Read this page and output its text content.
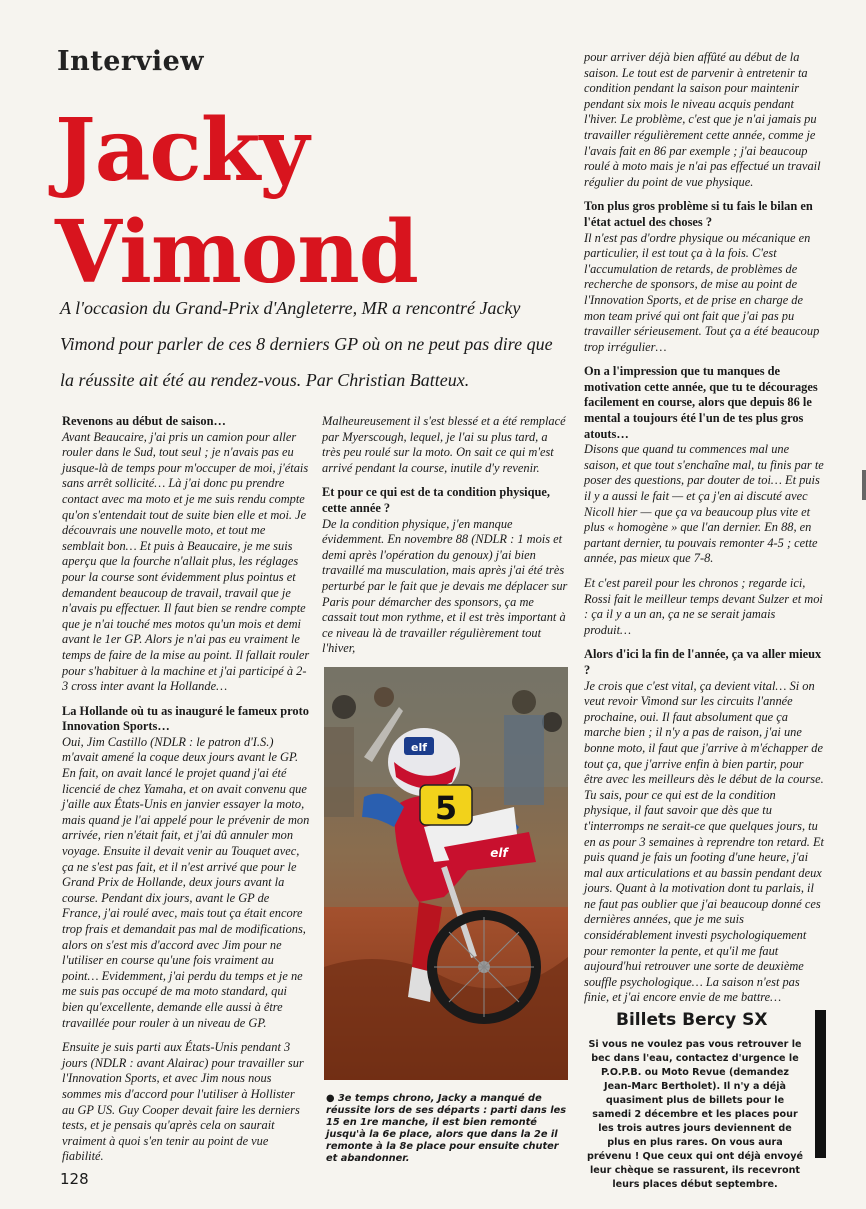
Interview
Jacky
Vimond

A l'occasion du Grand-Prix d'Angleterre, MR a rencontré Jacky Vimond pour parler de ces 8 derniers GP où on ne peut pas dire que la réussite ait été au rendez-vous. Par Christian Batteux.

Revenons au début de saison…
Avant Beaucaire, j'ai pris un camion pour aller rouler dans le Sud, tout seul ; je n'avais pas eu jusque-là de temps pour m'occuper de moi, j'étais sans arrêt sollicité… Là j'ai donc pu prendre contact avec ma moto et je me suis rendu compte qu'on s'entendait tout de suite bien elle et moi. Je découvrais une nouvelle moto, et tout me semblait bon… Et puis à Beaucaire, je me suis aperçu que la fourche n'allait plus, les réglages pour la course sont évidemment plus pointus et demandent beaucoup de travail, travail que je n'avais pu effectuer. Il faut bien se rendre compte que je n'ai touché mes motos qu'un mois et demi avant le 1er GP. Alors je n'ai pas eu vraiment le temps de faire de la mise au point. Il fallait rouler pour s'habituer à la machine et j'ai participé à 2-3 cross inter avant la Hollande…

La Hollande où tu as inauguré le fameux proto Innovation Sports…
Oui, Jim Castillo (NDLR : le patron d'I.S.) m'avait amené la coque deux jours avant le GP. En fait, on avait lancé le projet quand j'ai été licencié de chez Yamaha, et on avait convenu que j'aille aux États-Unis en janvier essayer la moto, mais quand je l'ai appelé pour le prévenir de mon arrivée, rien n'était fait, et j'ai dû annuler mon voyage. Ensuite il devait venir au Touquet avec, ça ne s'est pas fait, et il n'est arrivé que pour le Grand Prix de Hollande, deux jours avant la course. Pendant dix jours, avant le GP de France, j'ai roulé avec, mais tout ça était encore trop frais et demandait pas mal de modifications, alors on s'est mis d'accord avec Jim pour ne l'utiliser en course qu'une fois vraiment au point… Evidemment, j'ai perdu du temps et je ne me suis pas occupé de ma moto standard, qui bien qu'excellente, demande elle aussi à être travaillée pour rouler à un niveau de GP.

Ensuite je suis parti aux États-Unis pendant 3 jours (NDLR : avant Alairac) pour travailler sur l'Innovation Sports, et avec Jim nous nous sommes mis d'accord pour l'utiliser à Hollister au GP US. Guy Cooper devait faire les derniers tests, et je pensais qu'après cela on saurait vraiment à quoi s'en tenir au point de vue fiabilité.

Malheureusement il s'est blessé et a été remplacé par Myerscough, lequel, je l'ai su plus tard, a très peu roulé sur la moto. On sait ce qui m'est arrivé pendant la course, inutile d'y revenir.

Et pour ce qui est de ta condition physique, cette année ?
De la condition physique, j'en manque évidemment. En novembre 88 (NDLR : 1 mois et demi après l'opération du genoux) j'ai bien travaillé ma musculation, mais après j'ai été très perturbé par le fait que je devais me déplacer sur Paris pour démarcher des sponsors, ça me cassait tout mon rythme, et il est très important à ce niveau là de travailler régulièrement tout l'hiver,

elf
5
elf

● 3e temps chrono, Jacky a manqué de réussite lors de ses départs : parti dans les 15 en 1re manche, il est bien remonté jusqu'à la 6e place, alors que dans la 2e il remonte à la 8e place pour ensuite chuter et abandonner.

pour arriver déjà bien affûté au début de la saison. Le tout est de parvenir à entretenir ta condition pendant la saison pour maintenir pendant six mois le niveau acquis pendant l'hiver. Le problème, c'est que je n'ai jamais pu travailler régulièrement cette année, comme je l'avais fait en 86 par exemple ; j'ai beaucoup roulé à moto mais je n'ai pas effectué un travail régulier du point de vue physique.

Ton plus gros problème si tu fais le bilan en l'état actuel des choses ?
Il n'est pas d'ordre physique ou mécanique en particulier, il est tout ça à la fois. C'est l'accumulation de retards, de problèmes de recherche de sponsors, de mise au point de l'Innovation Sports, et de prise en charge de mon team privé qui ont fait que j'ai pas pu travailler sérieusement. Tout ça a été beaucoup trop irrégulier…

On a l'impression que tu manques de motivation cette année, que tu te décourages facilement en course, alors que depuis 86 le mental a toujours été l'un de tes plus gros atouts…
Disons que quand tu commences mal une saison, et que tout s'enchaîne mal, tu finis par te poser des questions, par douter de toi… Et puis il y a aussi le fait — et ça j'en ai discuté avec Nicoll hier — que ça va beaucoup plus vite et plus « homogène » que l'an dernier. En 88, en partant dernier, tu pouvais remonter 4-5 ; cette année, pas mieux que 7-8.

Et c'est pareil pour les chronos ; regarde ici, Rossi fait le meilleur temps devant Sulzer et moi : ça il y a un an, ça ne se serait jamais produit…

Alors d'ici la fin de l'année, ça va aller mieux ?
Je crois que c'est vital, ça devient vital… Si on veut revoir Vimond sur les circuits l'année prochaine, oui. Il faut absolument que ça marche bien ; il n'y a pas de raison, j'ai une bonne moto, il faut que j'arrive à m'échapper de tout ça, que j'arrive enfin à bien partir, pour être avec les meilleurs dès le début de la course. Tu sais, pour ce qui est de la condition physique, il faut savoir que dès que tu t'interromps ne serait-ce que quelques jours, tu en as pour 3 semaines à reprendre ton retard. Et puis quand je fais un footing d'une heure, j'ai mal aux articulations et au bassin pendant deux jours. Quant à la motivation dont tu parlais, il ne faut pas oublier que j'ai beaucoup donné ces dernières années, que je me suis considérablement investi psychologiquement pour remonter la pente, et qu'il me faut aujourd'hui retrouver une sorte de deuxième souffle psychologique… La saison n'est pas finie, et j'ai encore envie de me battre…

Billets Bercy SX

Si vous ne voulez pas vous retrouver le bec dans l'eau, contactez d'urgence le P.O.P.B. ou Moto Revue (demandez Jean-Marc Bertholet). Il n'y a déjà quasiment plus de billets pour le samedi 2 décembre et les places pour les trois autres jours deviennent de plus en plus rares. On vous aura prévenu ! Que ceux qui ont déjà envoyé leur chèque se rassurent, ils recevront leurs places début septembre.

128
